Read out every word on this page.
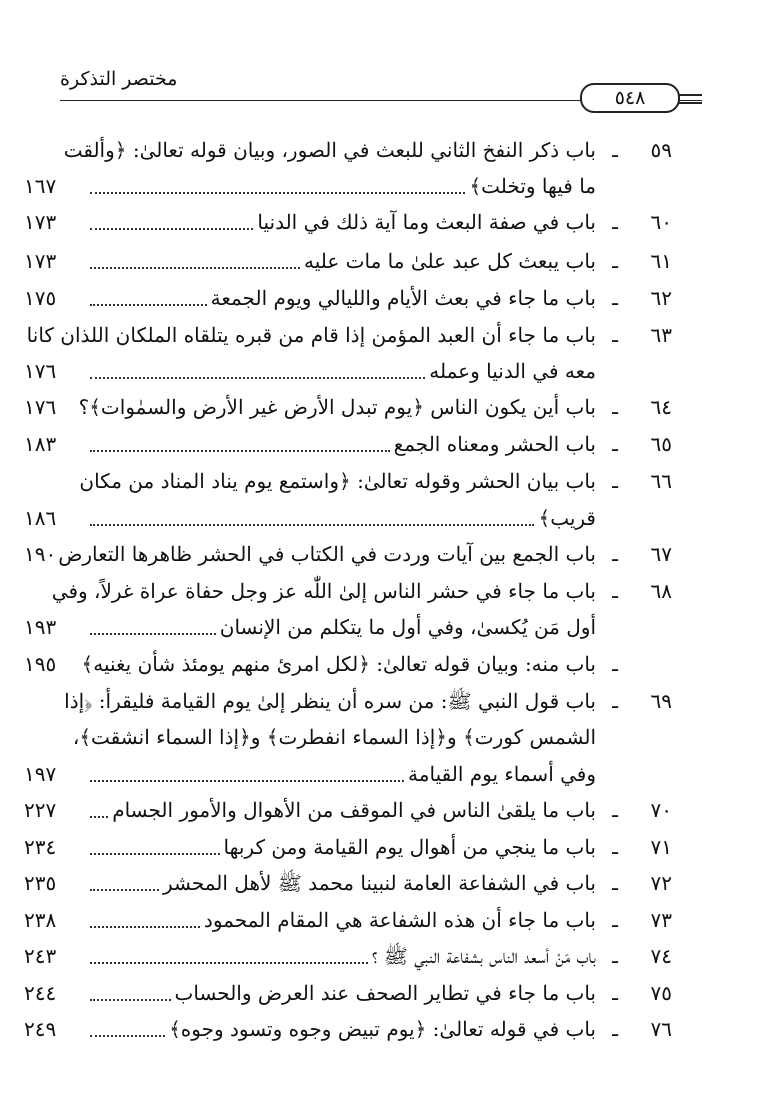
مختصر التذكرة
٥٤٨
٥٩
ـ
باب ذكر النفخ الثاني للبعث في الصور، وبيان قوله تعالىٰ: ﴿وألقت
ما فيها وتخلت﴾
١٦٧
٦٠
ـ
باب في صفة البعث وما آية ذلك في الدنيا
١٧٣
٦١
ـ
باب يبعث كل عبد علىٰ ما مات عليه
١٧٣
٦٢
ـ
باب ما جاء في بعث الأيام والليالي ويوم الجمعة
١٧٥
٦٣
ـ
باب ما جاء أن العبد المؤمن إذا قام من قبره يتلقاه الملكان اللذان كانا
معه في الدنيا وعمله
١٧٦
٦٤
ـ
باب أين يكون الناس ﴿يوم تبدل الأرض غير الأرض والسمٰوات﴾؟
١٧٦
٦٥
ـ
باب الحشر ومعناه الجمع
١٨٣
٦٦
ـ
باب بيان الحشر وقوله تعالىٰ: ﴿واستمع يوم يناد المناد من مكان
قريب﴾
١٨٦
٦٧
ـ
باب الجمع بين آيات وردت في الكتاب في الحشر ظاهرها التعارض
١٩٠
٦٨
ـ
باب ما جاء في حشر الناس إلىٰ اللّٰه عز وجل حفاة عراة غرلاً، وفي
أول مَن يُكسىٰ، وفي أول ما يتكلم من الإنسان
١٩٣
ـ
باب منه: وبيان قوله تعالىٰ: ﴿لكل امرئ منهم يومئذ شأن يغنيه﴾
١٩٥
٦٩
ـ
باب قول النبي ﷺ: من سره أن ينظر إلىٰ يوم القيامة فليقرأ: ﴿إذا
الشمس كورت﴾ و﴿إذا السماء انفطرت﴾ و﴿إذا السماء انشقت﴾،
وفي أسماء يوم القيامة
١٩٧
٧٠
ـ
باب ما يلقىٰ الناس في الموقف من الأهوال والأمور الجسام
٢٢٧
٧١
ـ
باب ما ينجي من أهوال يوم القيامة ومن كربها
٢٣٤
٧٢
ـ
باب في الشفاعة العامة لنبينا محمد ﷺ لأهل المحشر
٢٣٥
٧٣
ـ
باب ما جاء أن هذه الشفاعة هي المقام المحمود
٢٣٨
٧٤
ـ
باب مَنْ أسعد الناس بشفاعة النبي ﷺ ؟
٢٤٣
٧٥
ـ
باب ما جاء في تطاير الصحف عند العرض والحساب
٢٤٤
٧٦
ـ
باب في قوله تعالىٰ: ﴿يوم تبيض وجوه وتسود وجوه﴾
٢٤٩
